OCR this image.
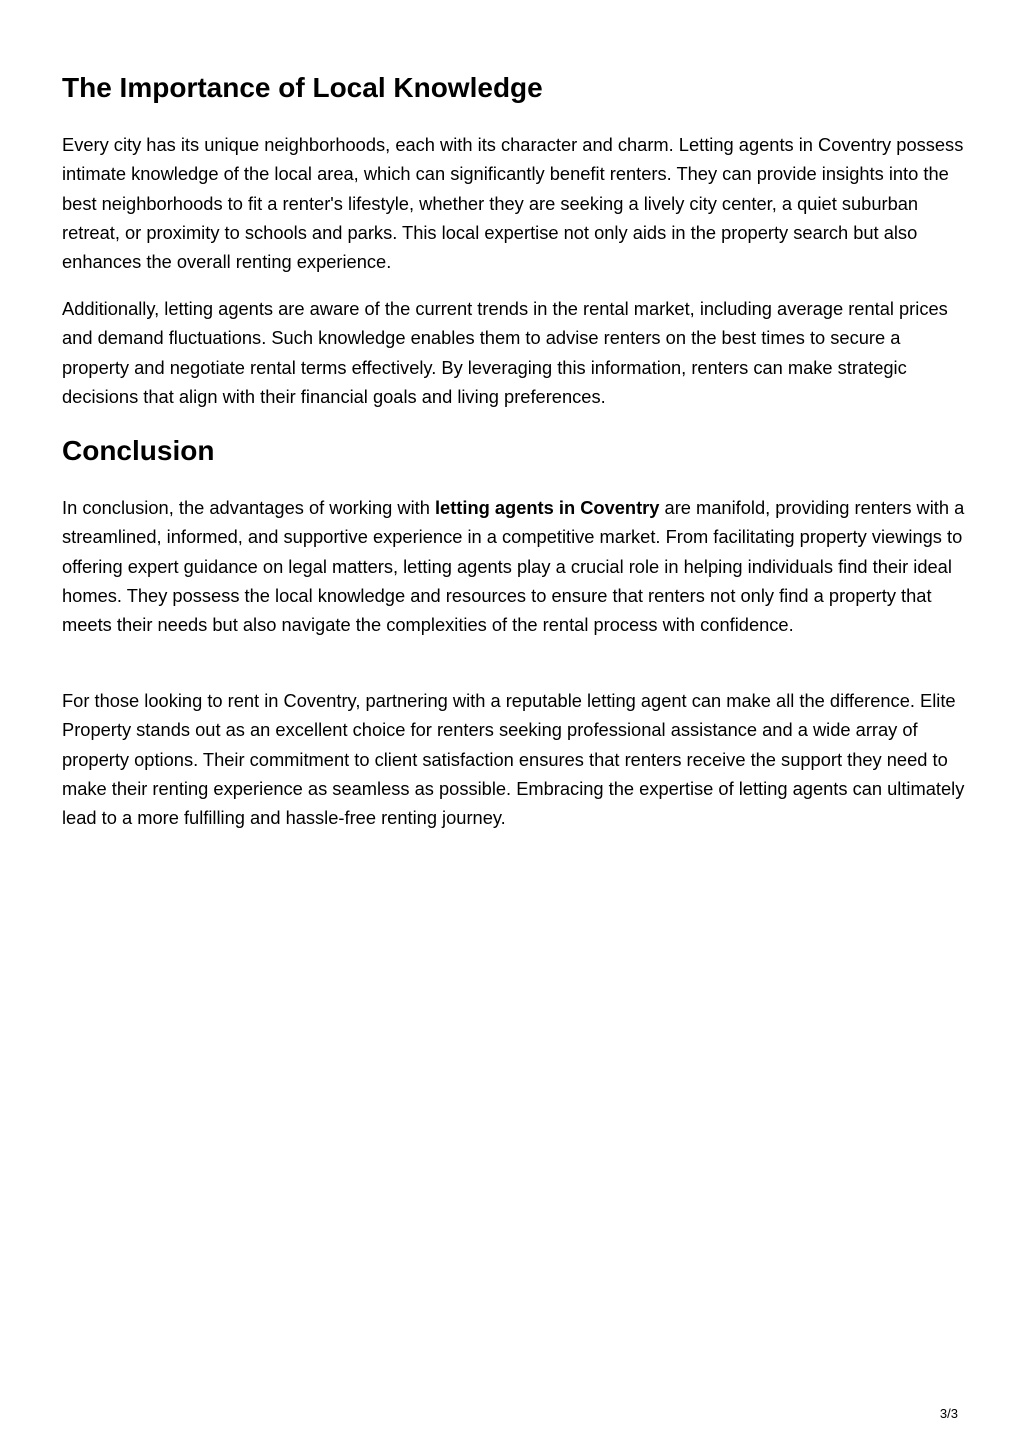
The Importance of Local Knowledge

Every city has its unique neighborhoods, each with its character and charm. Letting agents in Coventry possess intimate knowledge of the local area, which can significantly benefit renters. They can provide insights into the best neighborhoods to fit a renter's lifestyle, whether they are seeking a lively city center, a quiet suburban retreat, or proximity to schools and parks. This local expertise not only aids in the property search but also enhances the overall renting experience.

Additionally, letting agents are aware of the current trends in the rental market, including average rental prices and demand fluctuations. Such knowledge enables them to advise renters on the best times to secure a property and negotiate rental terms effectively. By leveraging this information, renters can make strategic decisions that align with their financial goals and living preferences.

Conclusion

In conclusion, the advantages of working with letting agents in Coventry are manifold, providing renters with a streamlined, informed, and supportive experience in a competitive market. From facilitating property viewings to offering expert guidance on legal matters, letting agents play a crucial role in helping individuals find their ideal homes. They possess the local knowledge and resources to ensure that renters not only find a property that meets their needs but also navigate the complexities of the rental process with confidence.

For those looking to rent in Coventry, partnering with a reputable letting agent can make all the difference. Elite Property stands out as an excellent choice for renters seeking professional assistance and a wide array of property options. Their commitment to client satisfaction ensures that renters receive the support they need to make their renting experience as seamless as possible. Embracing the expertise of letting agents can ultimately lead to a more fulfilling and hassle-free renting journey.

3/3
